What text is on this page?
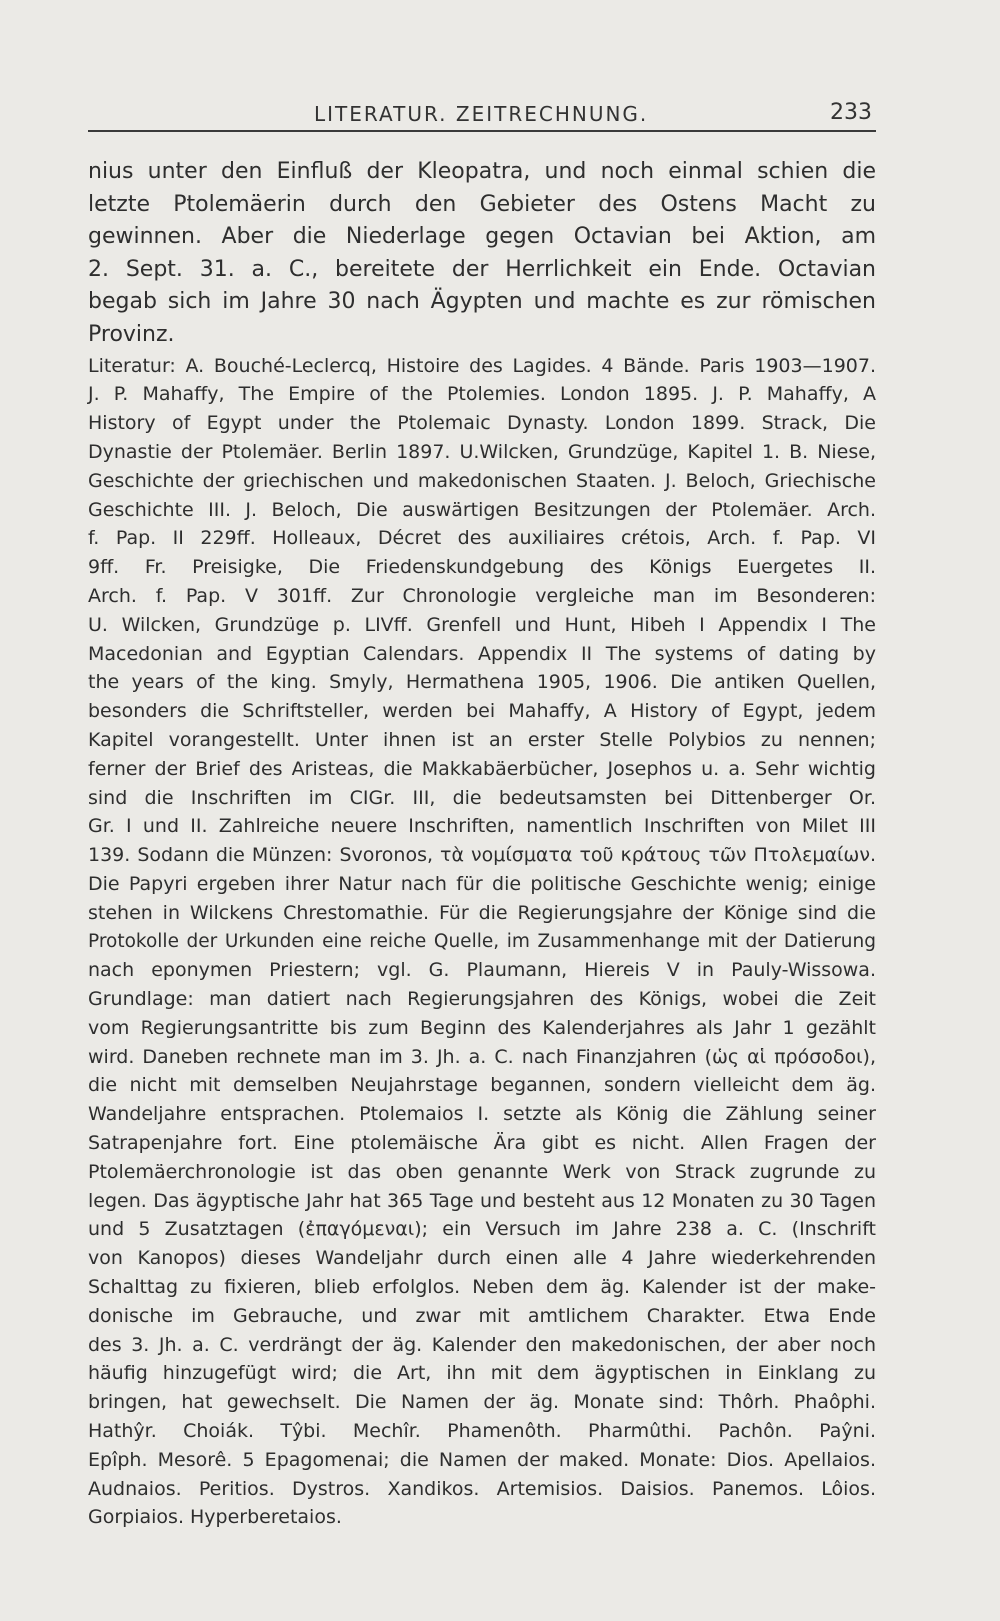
LITERATUR. ZEITRECHNUNG.	233
nius unter den Einfluß der Kleopatra, und noch einmal schien die
letzte Ptolemäerin durch den Gebieter des Ostens Macht zu
gewinnen. Aber die Niederlage gegen Octavian bei Aktion, am
2. Sept. 31. a. C., bereitete der Herrlichkeit ein Ende. Octavian
begab sich im Jahre 30 nach Ägypten und machte es zur römischen
Provinz.
Literatur: A. Bouché-Leclercq, Histoire des Lagides. 4 Bände. Paris 1903—1907.
J. P. Mahaffy, The Empire of the Ptolemies. London 1895. J. P. Mahaffy, A
History of Egypt under the Ptolemaic Dynasty. London 1899. Strack, Die
Dynastie der Ptolemäer. Berlin 1897. U.Wilcken, Grundzüge, Kapitel 1. B. Niese,
Geschichte der griechischen und makedonischen Staaten. J. Beloch, Griechische
Geschichte III. J. Beloch, Die auswärtigen Besitzungen der Ptolemäer. Arch.
f. Pap. II 229ff. Holleaux, Décret des auxiliaires crétois, Arch. f. Pap. VI
9ff. Fr. Preisigke, Die Friedenskundgebung des Königs Euergetes II.
Arch. f. Pap. V 301ff. Zur Chronologie vergleiche man im Besonderen:
U. Wilcken, Grundzüge p. LIVff. Grenfell und Hunt, Hibeh I Appendix I The
Macedonian and Egyptian Calendars. Appendix II The systems of dating by
the years of the king. Smyly, Hermathena 1905, 1906. Die antiken Quellen,
besonders die Schriftsteller, werden bei Mahaffy, A History of Egypt, jedem
Kapitel vorangestellt. Unter ihnen ist an erster Stelle Polybios zu nennen;
ferner der Brief des Aristeas, die Makkabäerbücher, Josephos u. a. Sehr wichtig
sind die Inschriften im CIGr. III, die bedeutsamsten bei Dittenberger Or.
Gr. I und II. Zahlreiche neuere Inschriften, namentlich Inschriften von Milet III
139. Sodann die Münzen: Svoronos, τὰ νομίσματα τοῦ κράτους τῶν Πτολεμαίων.
Die Papyri ergeben ihrer Natur nach für die politische Geschichte wenig; einige
stehen in Wilckens Chrestomathie. Für die Regierungsjahre der Könige sind die
Protokolle der Urkunden eine reiche Quelle, im Zusammenhange mit der Datierung
nach eponymen Priestern; vgl. G. Plaumann, Hiereis V in Pauly-Wissowa.
Grundlage: man datiert nach Regierungsjahren des Königs, wobei die Zeit
vom Regierungsantritte bis zum Beginn des Kalenderjahres als Jahr 1 gezählt
wird. Daneben rechnete man im 3. Jh. a. C. nach Finanzjahren (ὡς αἱ πρόσοδοι),
die nicht mit demselben Neujahrstage begannen, sondern vielleicht dem äg.
Wandeljahre entsprachen. Ptolemaios I. setzte als König die Zählung seiner
Satrapenjahre fort. Eine ptolemäische Ära gibt es nicht. Allen Fragen der
Ptolemäerchronologie ist das oben genannte Werk von Strack zugrunde zu
legen. Das ägyptische Jahr hat 365 Tage und besteht aus 12 Monaten zu 30 Tagen
und 5 Zusatztagen (ἐπαγόμεναι); ein Versuch im Jahre 238 a. C. (Inschrift
von Kanopos) dieses Wandeljahr durch einen alle 4 Jahre wiederkehrenden
Schalttag zu fixieren, blieb erfolglos. Neben dem äg. Kalender ist der make-
donische im Gebrauche, und zwar mit amtlichem Charakter. Etwa Ende
des 3. Jh. a. C. verdrängt der äg. Kalender den makedonischen, der aber noch
häufig hinzugefügt wird; die Art, ihn mit dem ägyptischen in Einklang zu
bringen, hat gewechselt. Die Namen der äg. Monate sind: Thôrh. Phaôphi.
Hathŷr. Choiák. Tŷbi. Mechîr. Phamenôth. Pharmûthi. Pachôn. Paŷni.
Epîph. Mesorê. 5 Epagomenai; die Namen der maked. Monate: Dios. Apellaios.
Audnaios. Peritios. Dystros. Xandikos. Artemisios. Daisios. Panemos. Lôios.
Gorpiaios. Hyperberetaios.
